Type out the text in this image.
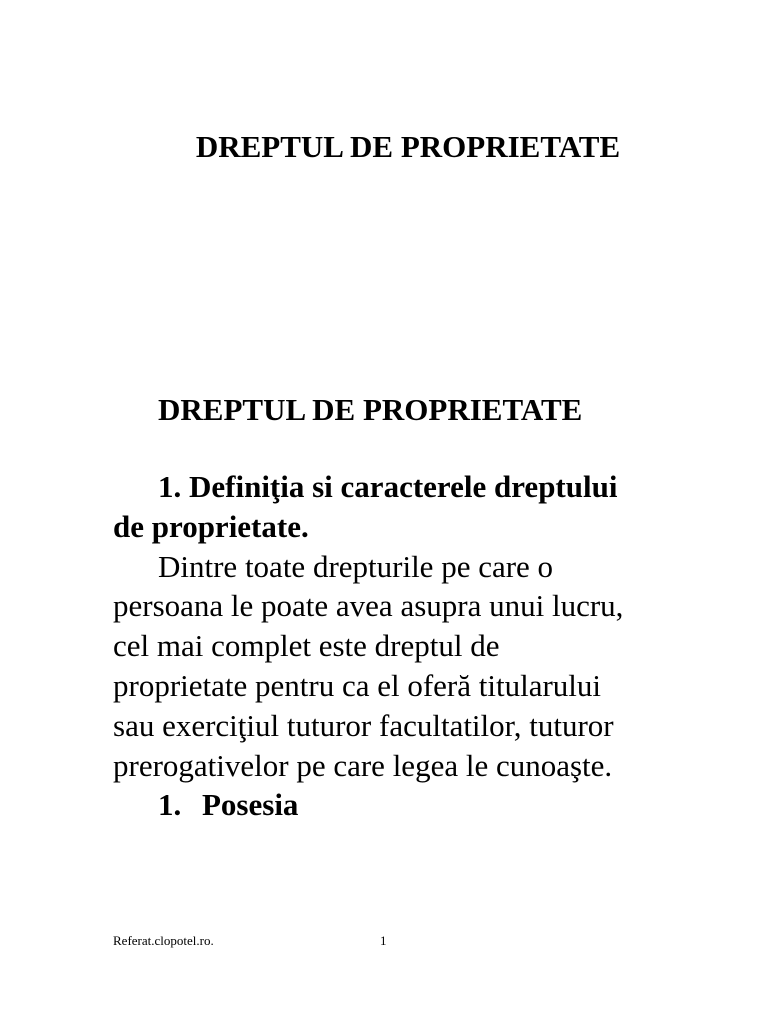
DREPTUL DE PROPRIETATE
DREPTUL DE PROPRIETATE
1. Definiţia si caracterele dreptului
de proprietate.
Dintre toate drepturile pe care o
persoana le poate avea asupra unui lucru,
cel mai complet este dreptul de
proprietate pentru ca el oferă titularului
sau exerciţiul tuturor facultatilor, tuturor
prerogativelor pe care legea le cunoaşte.
1. Posesia
Referat.clopotel.ro.	1
